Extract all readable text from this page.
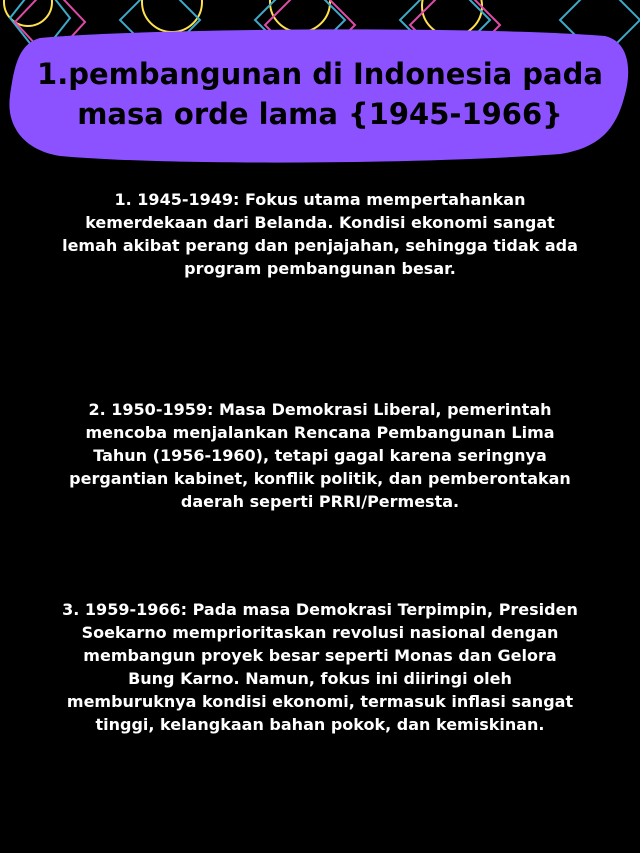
1.pembangunan di Indonesia pada
masa orde lama {1945-1966}

1. 1945-1949: Fokus utama mempertahankan
kemerdekaan dari Belanda. Kondisi ekonomi sangat
lemah akibat perang dan penjajahan, sehingga tidak ada
program pembangunan besar.

2. 1950-1959: Masa Demokrasi Liberal, pemerintah
mencoba menjalankan Rencana Pembangunan Lima
Tahun (1956-1960), tetapi gagal karena seringnya
pergantian kabinet, konflik politik, dan pemberontakan
daerah seperti PRRI/Permesta.

3. 1959-1966: Pada masa Demokrasi Terpimpin, Presiden
Soekarno memprioritaskan revolusi nasional dengan
membangun proyek besar seperti Monas dan Gelora
Bung Karno. Namun, fokus ini diiringi oleh
memburuknya kondisi ekonomi, termasuk inflasi sangat
tinggi, kelangkaan bahan pokok, dan kemiskinan.
